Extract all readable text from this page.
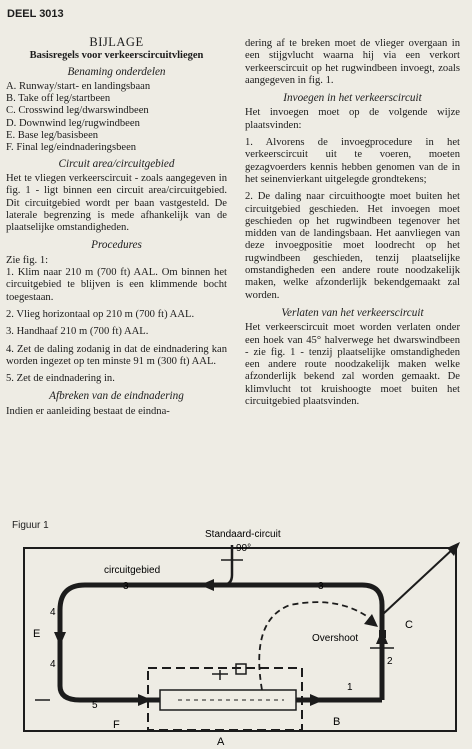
DEEL 3013
BIJLAGE
Basisregels voor verkeerscircuitvliegen
Benaming onderdelen
A. Runway/start- en landingsbaan
B. Take off leg/startbeen
C. Crosswind leg/dwarswindbeen
D. Downwind leg/rugwindbeen
E. Base leg/basisbeen
F. Final leg/eindnaderingsbeen
Circuit area/circuitgebied

Het te vliegen verkeerscircuit - zoals aangegeven in fig. 1 - ligt binnen een circuit area/circuitgebied. Dit circuitgebied wordt per baan vastgesteld. De laterale begrenzing is mede afhankelijk van de plaatselijke omstandigheden.

Procedures

Zie fig. 1:

1. Klim naar 210 m (700 ft) AAL. Om binnen het circuitgebied te blijven is een klimmende bocht toegestaan.

2. Vlieg horizontaal op 210 m (700 ft) AAL.

3. Handhaaf 210 m (700 ft) AAL.

4. Zet de daling zodanig in dat de eindnadering kan worden ingezet op ten minste 91 m (300 ft) AAL.

5. Zet de eindnadering in.

Afbreken van de eindnadering

Indien er aanleiding bestaat de eindna-

dering af te breken moet de vlieger overgaan in een stijgvlucht waarna hij via een verkort verkeerscircuit op het rugwindbeen invoegt, zoals aangegeven in fig. 1.

Invoegen in het verkeerscircuit

Het invoegen moet op de volgende wijze plaatsvinden:

1. Alvorens de invoegprocedure in het verkeerscircuit uit te voeren, moeten gezagvoerders kennis hebben genomen van de in het seinenvierkant uitgelegde grondtekens;

2. De daling naar circuithoogte moet buiten het circuitgebied geschieden. Het invoegen moet geschieden op het rugwindbeen tegenover het midden van de landingsbaan. Het aanvliegen van deze invoegpositie moet loodrecht op het rugwindbeen geschieden, tenzij plaatselijke omstandigheden een andere route noodzakelijk maken, welke afzonderlijk bekendgemaakt zal worden.

Verlaten van het verkeerscircuit

Het verkeerscircuit moet worden verlaten onder een hoek van 45° halverwege het dwarswindbeen - zie fig. 1 - tenzij plaatselijke omstandigheden een andere route noodzakelijk maken welke afzonderlijk bekend zal worden gemaakt. De klimvlucht tot kruishoogte moet buiten het circuitgebied plaatsvinden.

Figuur 1
Standaard-circuit
90°
circuitgebied
Overshoot
A
B
C
E
F
1
2
3	3
4
4
5
